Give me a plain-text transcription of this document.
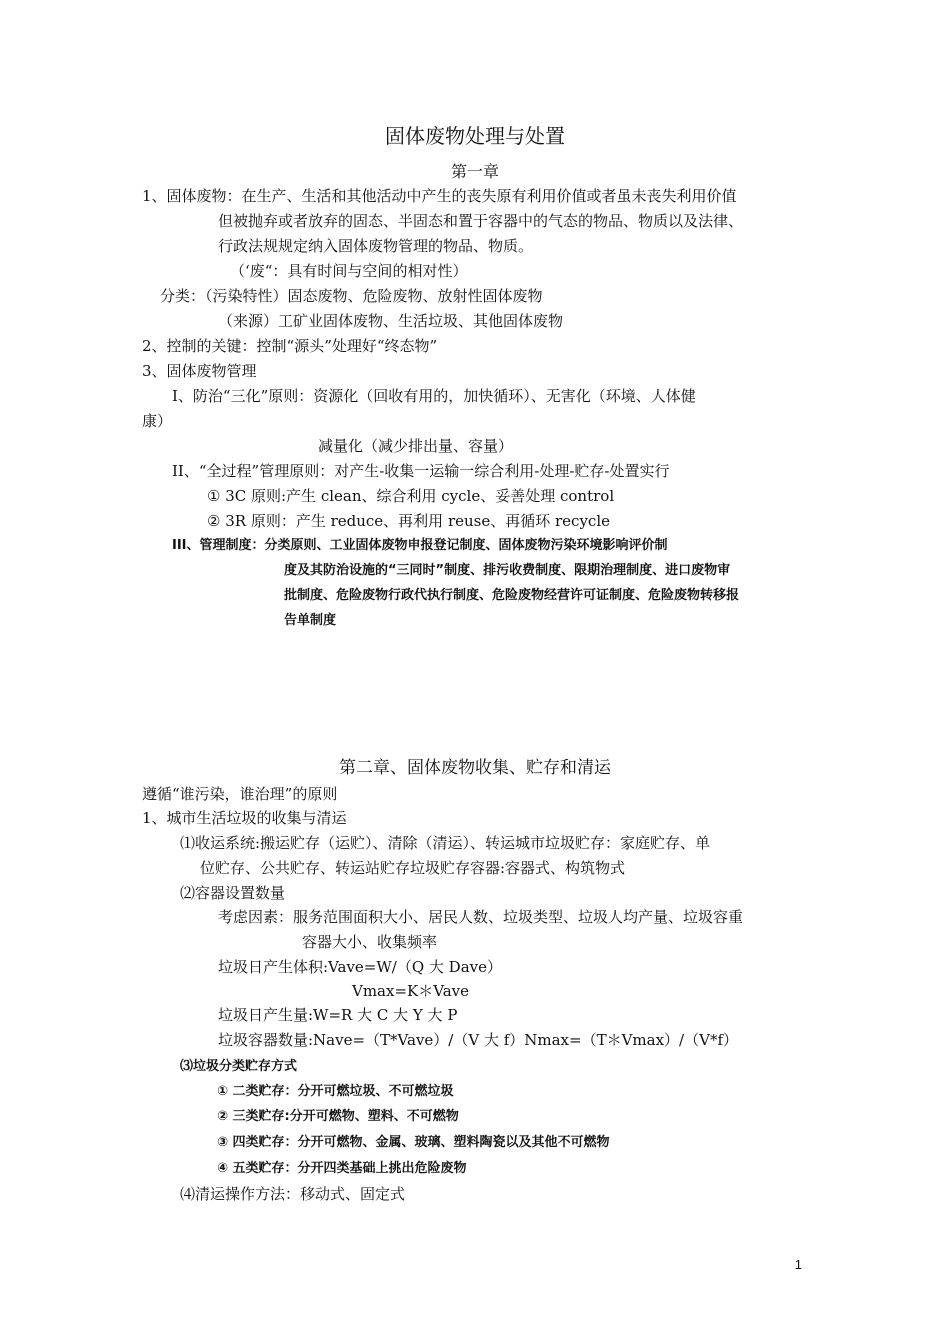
固体废物处理与处置
第一章
1、固体废物：在生产、生活和其他活动中产生的丧失原有利用价值或者虽未丧失利用价值
但被抛弃或者放弃的固态、半固态和置于容器中的气态的物品、物质以及法律、
行政法规规定纳入固体废物管理的物品、物质。
（‘废“：具有时间与空间的相对性）
分类：（污染特性）固态废物、危险废物、放射性固体废物
（来源）工矿业固体废物、生活垃圾、其他固体废物
2、控制的关键：控制“源头”处理好“终态物”
3、固体废物管理
I、防治“三化”原则：资源化（回收有用的，加快循环）、无害化（环境、人体健
康）
减量化（减少排出量、容量）
II、“全过程”管理原则：对产生-收集一运输一综合利用-处理-贮存-处置实行
① 3C 原则:产生 clean、综合利用 cycle、妥善处理 control
② 3R 原则：产生 reduce、再利用 reuse、再循环 recycle
III、管理制度：分类原则、工业固体废物申报登记制度、固体废物污染环境影响评价制
度及其防治设施的“三同时”制度、排污收费制度、限期治理制度、进口废物审
批制度、危险废物行政代执行制度、危险废物经营许可证制度、危险废物转移报
告单制度
第二章、固体废物收集、贮存和清运
遵循“谁污染，谁治理”的原则
1、城市生活垃圾的收集与清运
⑴收运系统:搬运贮存（运贮）、清除（清运）、转运城市垃圾贮存：家庭贮存、单
位贮存、公共贮存、转运站贮存垃圾贮存容器:容器式、构筑物式
⑵容器设置数量
考虑因素：服务范围面积大小、居民人数、垃圾类型、垃圾人均产量、垃圾容重
容器大小、收集频率
垃圾日产生体积:Vave=W/（Q 大 Dave）
Vmax=K＊Vave
垃圾日产生量:W=R 大 C 大 Y 大 P
垃圾容器数量:Nave=（T*Vave）/（V 大 f）Nmax=（T＊Vmax）/（V*f）
⑶垃圾分类贮存方式
① 二类贮存：分开可燃垃圾、不可燃垃圾
② 三类贮存:分开可燃物、塑料、不可燃物
③ 四类贮存：分开可燃物、金属、玻璃、塑料陶瓷以及其他不可燃物
④ 五类贮存：分开四类基础上挑出危险废物
⑷清运操作方法：移动式、固定式
1
